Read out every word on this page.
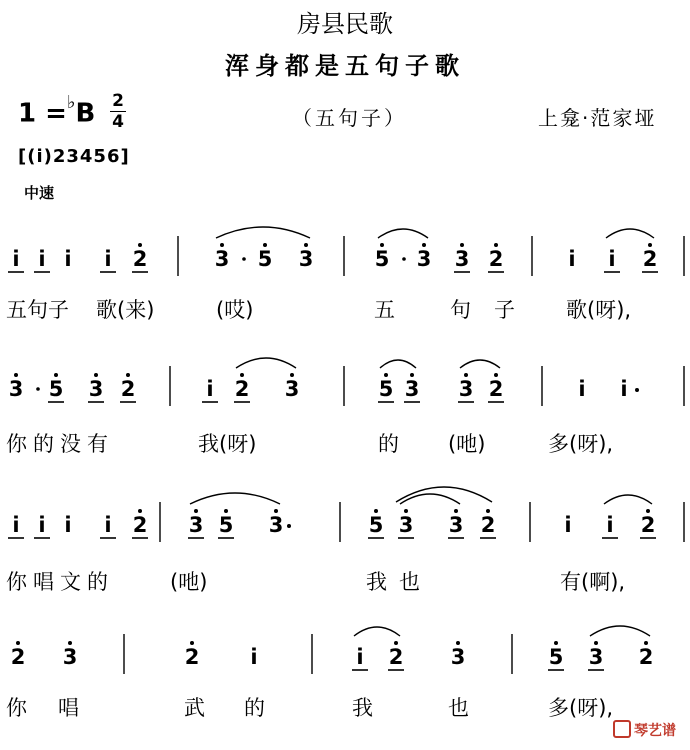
房县民歌
浑身都是五句子歌
1 =♭B 2
4	（五句子）	上龛·范家垭
[(i)23456]
中速
i i i i 2	3 5 3	5 3 3 2	i i 2
3 5 3 2	i 2 3	5 3 3 2	i i
i i i i 2 3 5 3	5 3 3 2	i i 2
2 3	2 i	i 2 3	5 3 2
五句子 歌(来)	(哎)	五	句 子 歌(呀),
你的没有	我(呀)	的 (吔)	多(呀),
你唱文的	(吔)	我也	有(啊),
你 唱	武 的	我	也	多(呀),
琴艺谱
